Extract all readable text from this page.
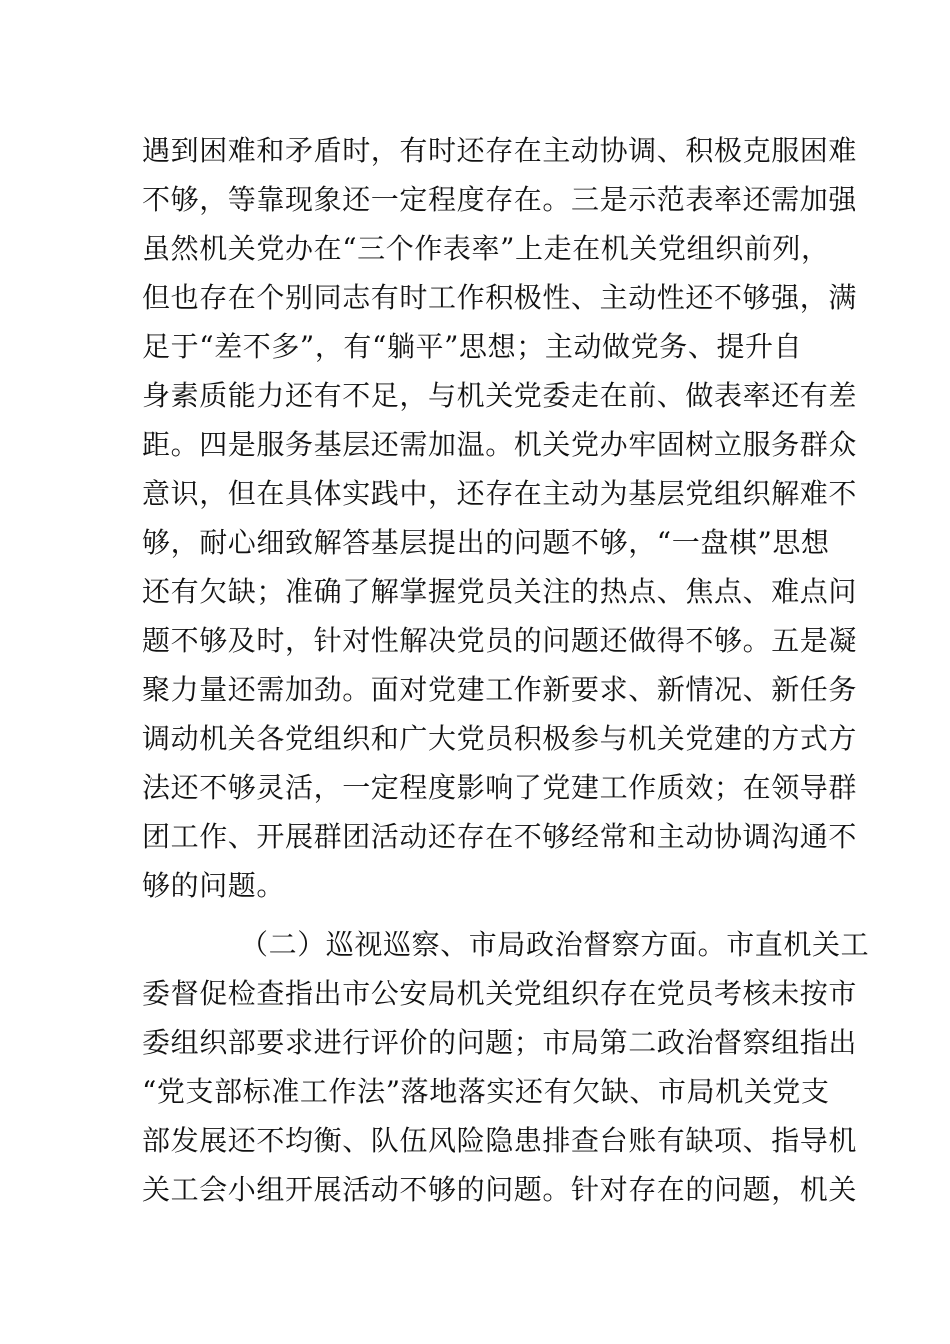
遇到困难和矛盾时，有时还存在主动协调、积极克服困难
不够，等靠现象还一定程度存在。三是示范表率还需加强
虽然机关党办在“三个作表率”上走在机关党组织前列，
但也存在个别同志有时工作积极性、主动性还不够强，满
足于“差不多”，有“躺平”思想；主动做党务、提升自
身素质能力还有不足，与机关党委走在前、做表率还有差
距。四是服务基层还需加温。机关党办牢固树立服务群众
意识，但在具体实践中，还存在主动为基层党组织解难不
够，耐心细致解答基层提出的问题不够，“一盘棋”思想
还有欠缺；准确了解掌握党员关注的热点、焦点、难点问
题不够及时，针对性解决党员的问题还做得不够。五是凝
聚力量还需加劲。面对党建工作新要求、新情况、新任务
调动机关各党组织和广大党员积极参与机关党建的方式方
法还不够灵活，一定程度影响了党建工作质效；在领导群
团工作、开展群团活动还存在不够经常和主动协调沟通不
够的问题。
（二）巡视巡察、市局政治督察方面。市直机关工
委督促检查指出市公安局机关党组织存在党员考核未按市
委组织部要求进行评价的问题；市局第二政治督察组指出
“党支部标准工作法”落地落实还有欠缺、市局机关党支
部发展还不均衡、队伍风险隐患排查台账有缺项、指导机
关工会小组开展活动不够的问题。针对存在的问题，机关
